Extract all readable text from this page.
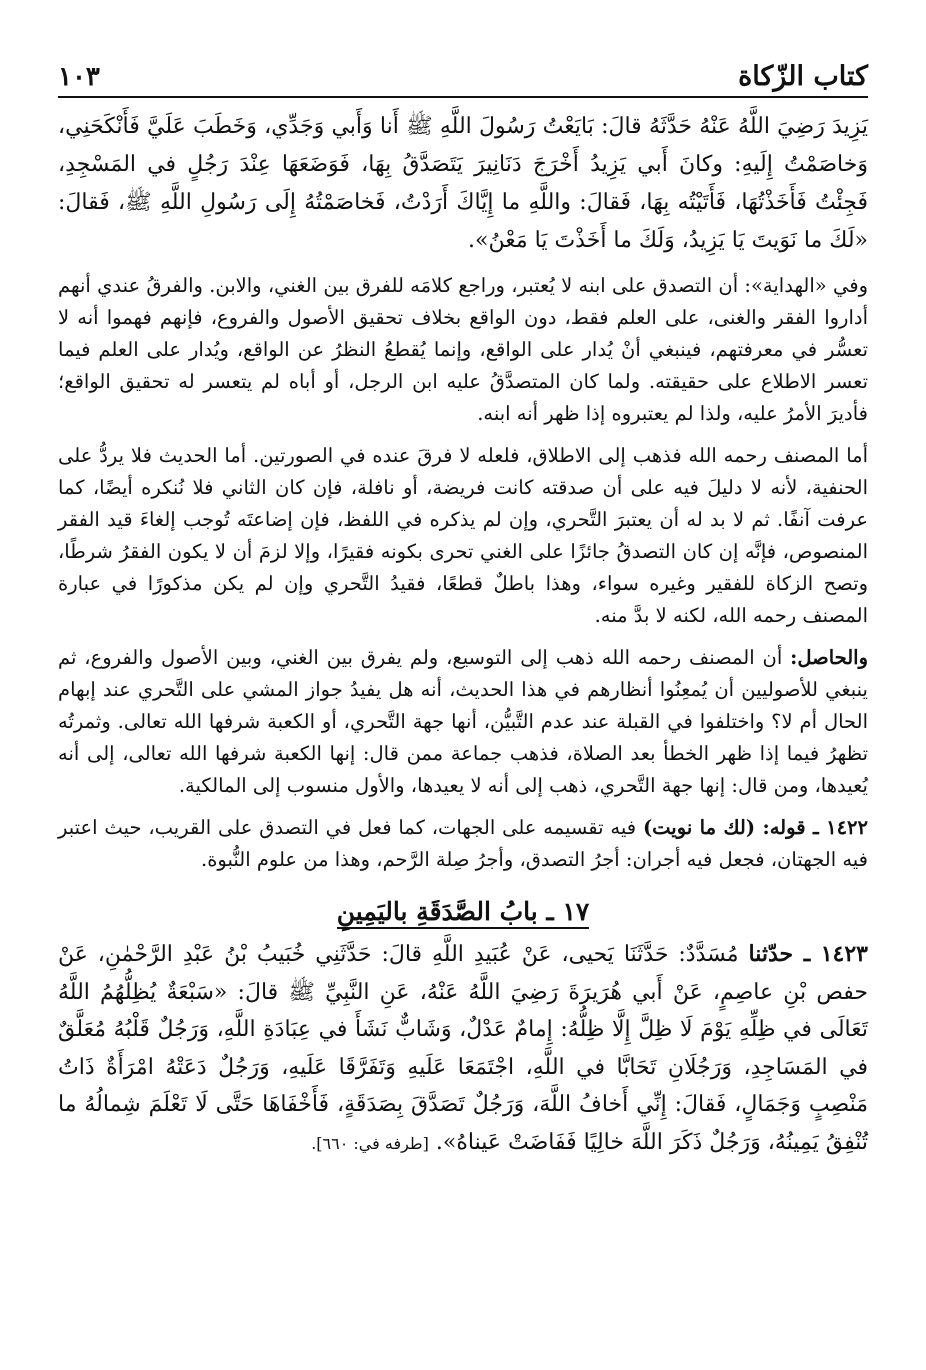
كتاب الزّكاة
١٠٣

يَزِيدَ رَضِيَ اللَّهُ عَنْهُ حَدَّثَهُ قالَ: بَايَعْتُ رَسُولَ اللَّهِ ﷺ أَنا وَأَبي وَجَدِّي، وَخَطَبَ عَلَيَّ فَأَنْكَحَنِي، وَخاصَمْتُ إِلَيهِ: وكانَ أَبي يَزِيدُ أَخْرَجَ دَنَانِيرَ يَتَصَدَّقُ بِهَا، فَوَضَعَهَا عِنْدَ رَجُلٍ في المَسْجِدِ، فَجِئْتُ فَأَخَذْتُهَا، فَأَتَيْتُه بِهَا، فَقالَ: واللَّهِ ما إِيَّاكَ أَرَدْتُ، فَخاصَمْتُهُ إِلَى رَسُولِ اللَّهِ ﷺ، فَقالَ: «لَكَ ما نَوَيتَ يَا يَزِيدُ، وَلَكَ ما أَخَذْتَ يَا مَعْنُ».

وفي «الهداية»: أن التصدق على ابنه لا يُعتبر، وراجع كلامَه للفرق بين الغني، والابن. والفرقُ عندي أنهم أداروا الفقر والغنى، على العلم فقط، دون الواقع بخلاف تحقيق الأصول والفروع، فإنهم فهموا أنه لا تعسُّر في معرفتهم، فينبغي أنْ يُدار على الواقع، وإنما يُقطعُ النظرُ عن الواقع، ويُدار على العلم فيما تعسر الاطلاع على حقيقته. ولما كان المتصدَّقُ عليه ابن الرجل، أو أباه لم يتعسر له تحقيق الواقع؛ فأديرَ الأمرُ عليه، ولذا لم يعتبروه إذا ظهر أنه ابنه.

أما المصنف رحمه الله فذهب إلى الاطلاق، فلعله لا فرقَ عنده في الصورتين. أما الحديث فلا يردُّ على الحنفية، لأنه لا دليلَ فيه على أن صدقته كانت فريضة، أو نافلة، فإن كان الثاني فلا نُنكره أيضًا، كما عرفت آنفًا. ثم لا بد له أن يعتبرَ التَّحري، وإن لم يذكره في اللفظ، فإن إضاعتَه تُوجب إلغاءَ قيد الفقر المنصوص، فإنَّه إن كان التصدقُ جائزًا على الغني تحرى بكونه فقيرًا، وإلا لزمَ أن لا يكون الفقرُ شرطًا، وتصح الزكاة للفقير وغيره سواء، وهذا باطلٌ قطعًا، فقيدُ التَّحري وإن لم يكن مذكورًا في عبارة المصنف رحمه الله، لكنه لا بدَّ منه.

والحاصل: أن المصنف رحمه الله ذهب إلى التوسيع، ولم يفرق بين الغني، وبين الأصول والفروع، ثم ينبغي للأصوليين أن يُمعِنُوا أنظارهم في هذا الحديث، أنه هل يفيدُ جواز المشي على التَّحري عند إبهام الحال أم لا؟ واختلفوا في القبلة عند عدم التَّبيُّن، أنها جهة التَّحري، أو الكعبة شرفها الله تعالى. وثمرتُه تظهرُ فيما إذا ظهر الخطأ بعد الصلاة، فذهب جماعة ممن قال: إنها الكعبة شرفها الله تعالى، إلى أنه يُعيدها، ومن قال: إنها جهة التَّحري، ذهب إلى أنه لا يعيدها، والأول منسوب إلى المالكية.

١٤٢٢ ـ قوله: (لك ما نويت) فيه تقسيمه على الجهات، كما فعل في التصدق على القريب، حيث اعتبر فيه الجهتان، فجعل فيه أجران: أجرُ التصدق، وأجرُ صِلة الرَّحم، وهذا من علوم النُّبوة.

١٧ ـ بابُ الصَّدَقَةِ باليَمِينِ

١٤٢٣ ـ حدّثنا مُسَدَّدٌ: حَدَّثَنَا يَحيى، عَنْ عُبَيدِ اللَّهِ قالَ: حَدَّثَنِي خُبَيبُ بْنُ عَبْدِ الرَّحْمٰنِ، عَنْ حفص بْنِ عاصِمٍ، عَنْ أَبي هُرَيرَةَ رَضِيَ اللَّهُ عَنْهُ، عَنِ النَّبِيِّ ﷺ قالَ: «سَبْعَةٌ يُظِلُّهُمُ اللَّهُ تَعَالَى في ظِلِّهِ يَوْمَ لَا ظِلَّ إِلَّا ظِلُّهُ: إِمامٌ عَدْلٌ، وَشَابٌّ نَشَأَ في عِبَادَةِ اللَّهِ، وَرَجُلٌ قَلْبُهُ مُعَلَّقٌ في المَسَاجِدِ، وَرَجُلَانِ تَحَابَّا في اللَّهِ، اجْتَمَعَا عَلَيهِ وَتَفَرَّقَا عَلَيهِ، وَرَجُلٌ دَعَتْهُ امْرَأَةٌ ذَاتُ مَنْصِبٍ وَجَمَالٍ، فَقالَ: إِنِّي أَخافُ اللَّهَ، وَرَجُلٌ تَصَدَّقَ بِصَدَقَةٍ، فَأَخْفَاهَا حَتَّى لَا تَعْلَمَ شِمالُهُ ما تُنْفِقُ يَمِينُهُ، وَرَجُلٌ ذَكَرَ اللَّهَ خالِيًا فَفَاضَتْ عَيناهُ». [طرفه في: ٦٦٠].
